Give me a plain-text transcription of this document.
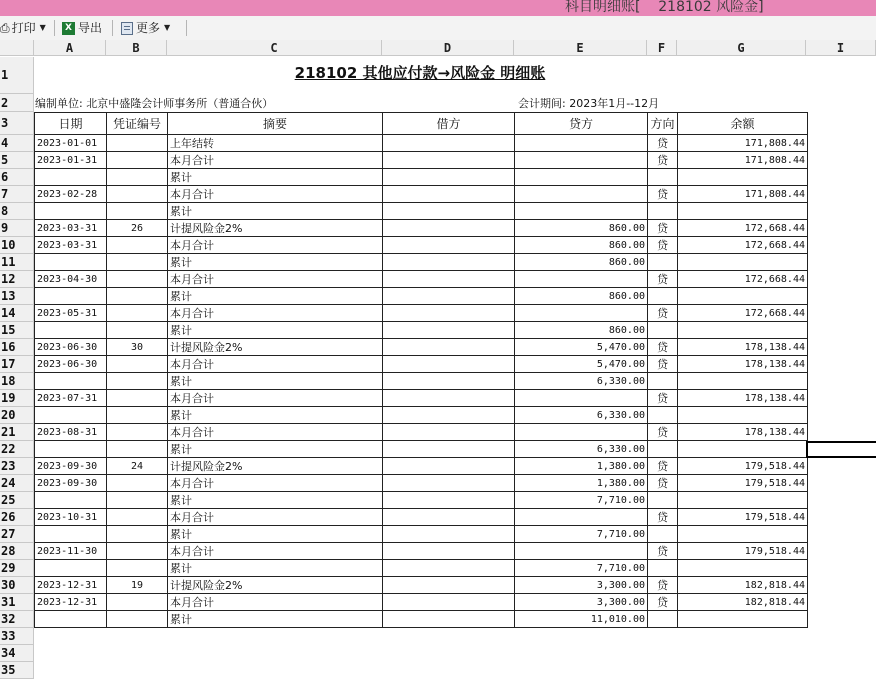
科目明细账[    218102 风险金]
⎙ 打印 ▼	X 导出	更多 ▼
A	B	C	D	E	F	G	I
1
2
3
4
5
6
7
8
9
10
11
12
13
14
15
16
17
18
19
20
21
22
23
24
25
26
27
28
29
30
31
32
33
34
35
218102 其他应付款→风险金 明细账
编制单位: 北京中盛隆会计师事务所（普通合伙）	会计期间: 2023年1月--12月
日期	凭证编号	摘要	借方	贷方	方向	余额
2023-01-01		上年结转			贷	171,808.44
2023-01-31		本月合计			贷	171,808.44
		累计				
2023-02-28		本月合计			贷	171,808.44
		累计				
2023-03-31	26	计提风险金2%		860.00	贷	172,668.44
2023-03-31		本月合计		860.00	贷	172,668.44
		累计		860.00		
2023-04-30		本月合计			贷	172,668.44
		累计		860.00		
2023-05-31		本月合计			贷	172,668.44
		累计		860.00		
2023-06-30	30	计提风险金2%		5,470.00	贷	178,138.44
2023-06-30		本月合计		5,470.00	贷	178,138.44
		累计		6,330.00		
2023-07-31		本月合计			贷	178,138.44
		累计		6,330.00		
2023-08-31		本月合计			贷	178,138.44
		累计		6,330.00		
2023-09-30	24	计提风险金2%		1,380.00	贷	179,518.44
2023-09-30		本月合计		1,380.00	贷	179,518.44
		累计		7,710.00		
2023-10-31		本月合计			贷	179,518.44
		累计		7,710.00		
2023-11-30		本月合计			贷	179,518.44
		累计		7,710.00		
2023-12-31	19	计提风险金2%		3,300.00	贷	182,818.44
2023-12-31		本月合计		3,300.00	贷	182,818.44
		累计		11,010.00		
